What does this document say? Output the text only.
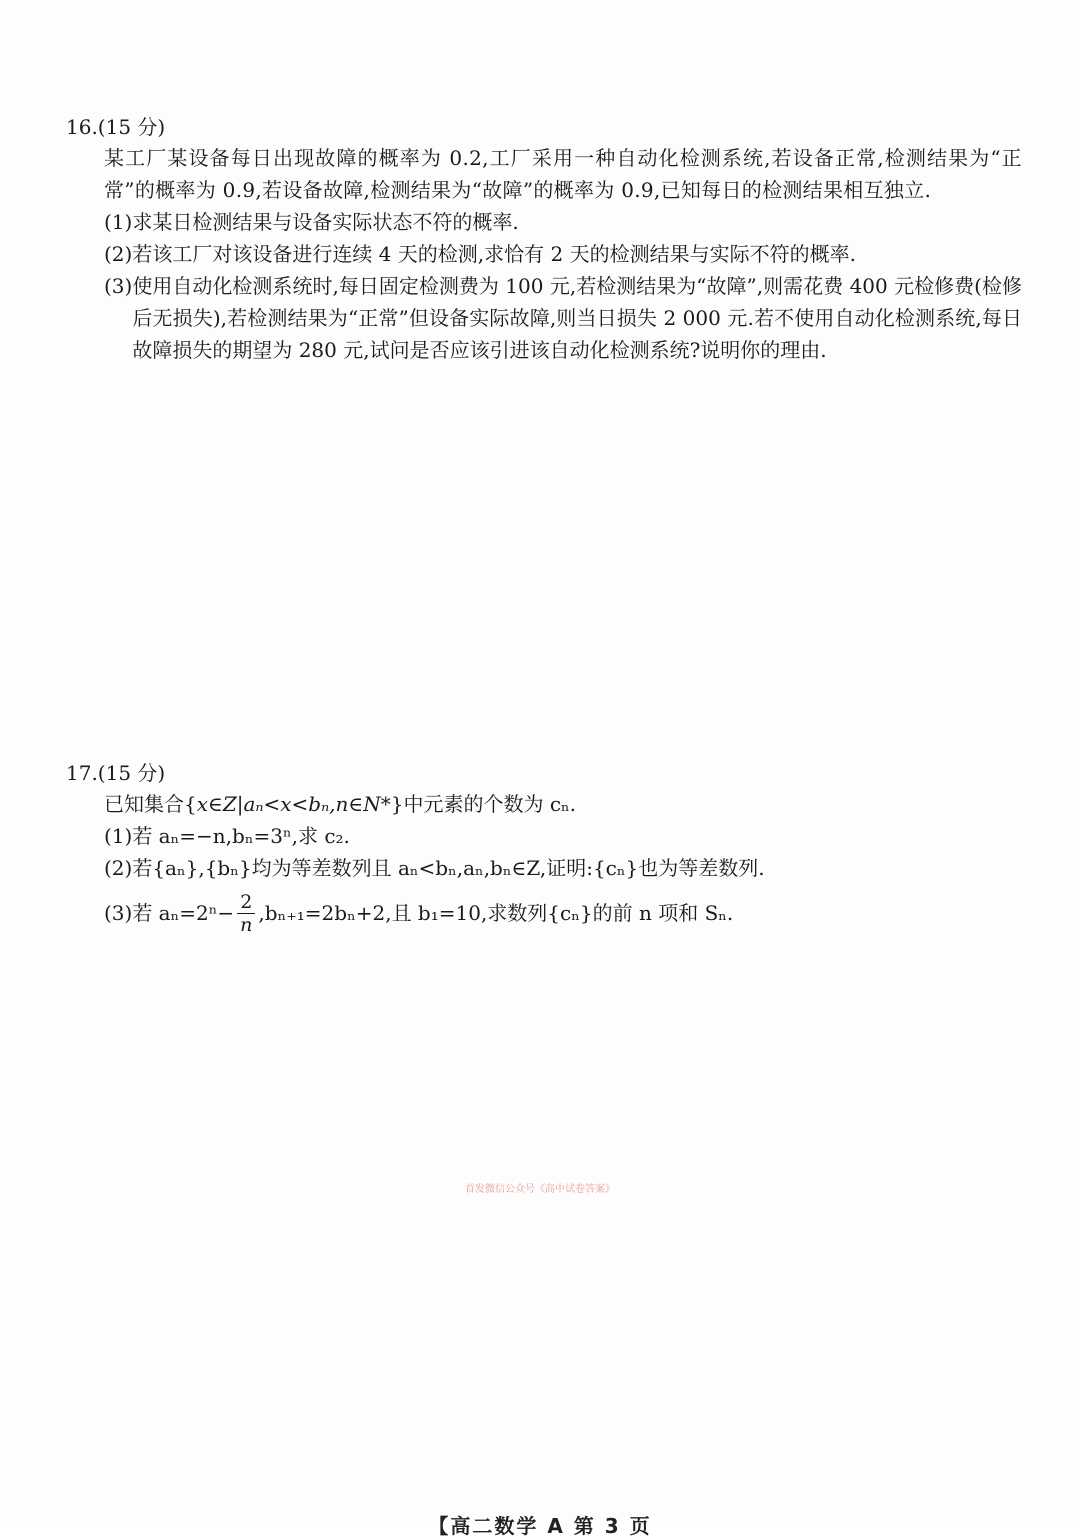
16.(15 分)
某工厂某设备每日出现故障的概率为 0.2,工厂采用一种自动化检测系统,若设备正常,检测结果为“正常”的概率为 0.9,若设备故障,检测结果为“故障”的概率为 0.9,已知每日的检测结果相互独立.
(1)求某日检测结果与设备实际状态不符的概率.
(2)若该工厂对该设备进行连续 4 天的检测,求恰有 2 天的检测结果与实际不符的概率.
(3) 使用自动化检测系统时,每日固定检测费为 100 元,若检测结果为“故障”,则需花费 400 元检修费(检修后无损失),若检测结果为“正常”但设备实际故障,则当日损失 2 000 元.若不使用自动化检测系统,每日故障损失的期望为 280 元,试问是否应该引进该自动化检测系统?说明你的理由.
17.(15 分)
已知集合{x∈Z|aₙ<x<bₙ,n∈N*}中元素的个数为 cₙ.
(1)若 aₙ=−n,bₙ=3ⁿ,求 c₂.
(2)若{aₙ},{bₙ}均为等差数列且 aₙ<bₙ,aₙ,bₙ∈Z,证明:{cₙ}也为等差数列.
(3)若 $a_n=2^n- \frac{2}{n} ,b_{n+1}=2b_n+2$,且 b₁=10,求数列{cₙ}的前 n 项和 Sₙ.
首发微信公众号《高中试卷答案》
【高二数学 A 第 3 页
